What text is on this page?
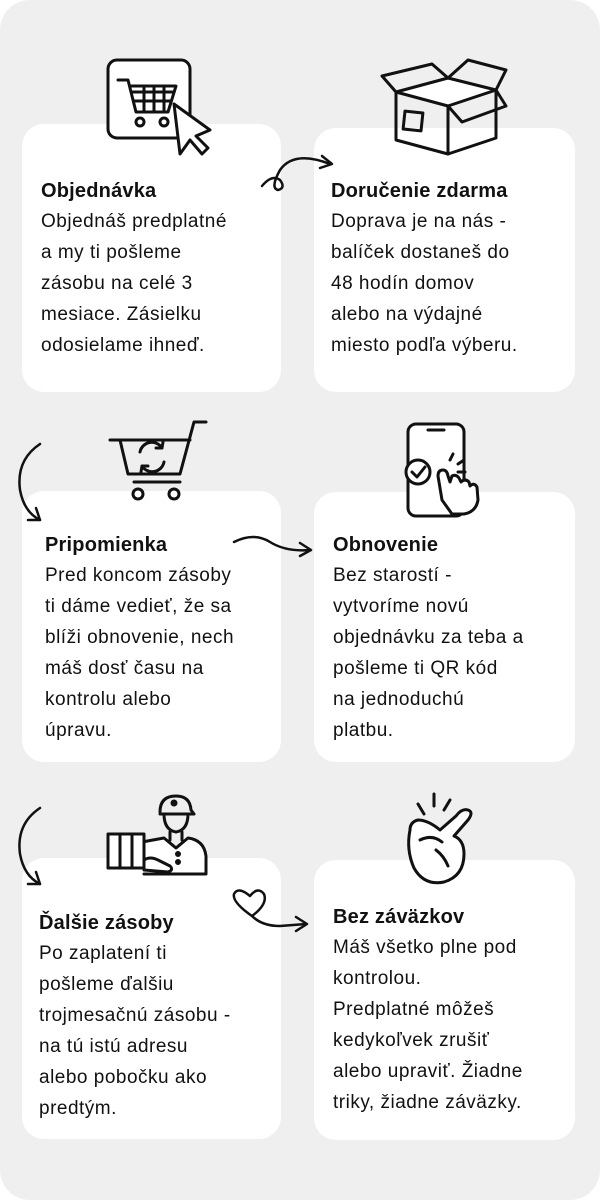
Objednávka
Objednáš predplatné
a my ti pošleme
zásobu na celé 3
mesiace. Zásielku
odosielame ihneď.
Doručenie zdarma
Doprava je na nás -
balíček dostaneš do
48 hodín domov
alebo na výdajné
miesto podľa výberu.
Pripomienka
Pred koncom zásoby
ti dáme vedieť, že sa
blíži obnovenie, nech
máš dosť času na
kontrolu alebo
úpravu.
Obnovenie
Bez starostí -
vytvoríme novú
objednávku za teba a
pošleme ti QR kód
na jednoduchú
platbu.
Ďalšie zásoby
Po zaplatení ti
pošleme ďalšiu
trojmesačnú zásobu -
na tú istú adresu
alebo pobočku ako
predtým.
Bez záväzkov
Máš všetko plne pod
kontrolou.
Predplatné môžeš
kedykoľvek zrušiť
alebo upraviť. Žiadne
triky, žiadne záväzky.
